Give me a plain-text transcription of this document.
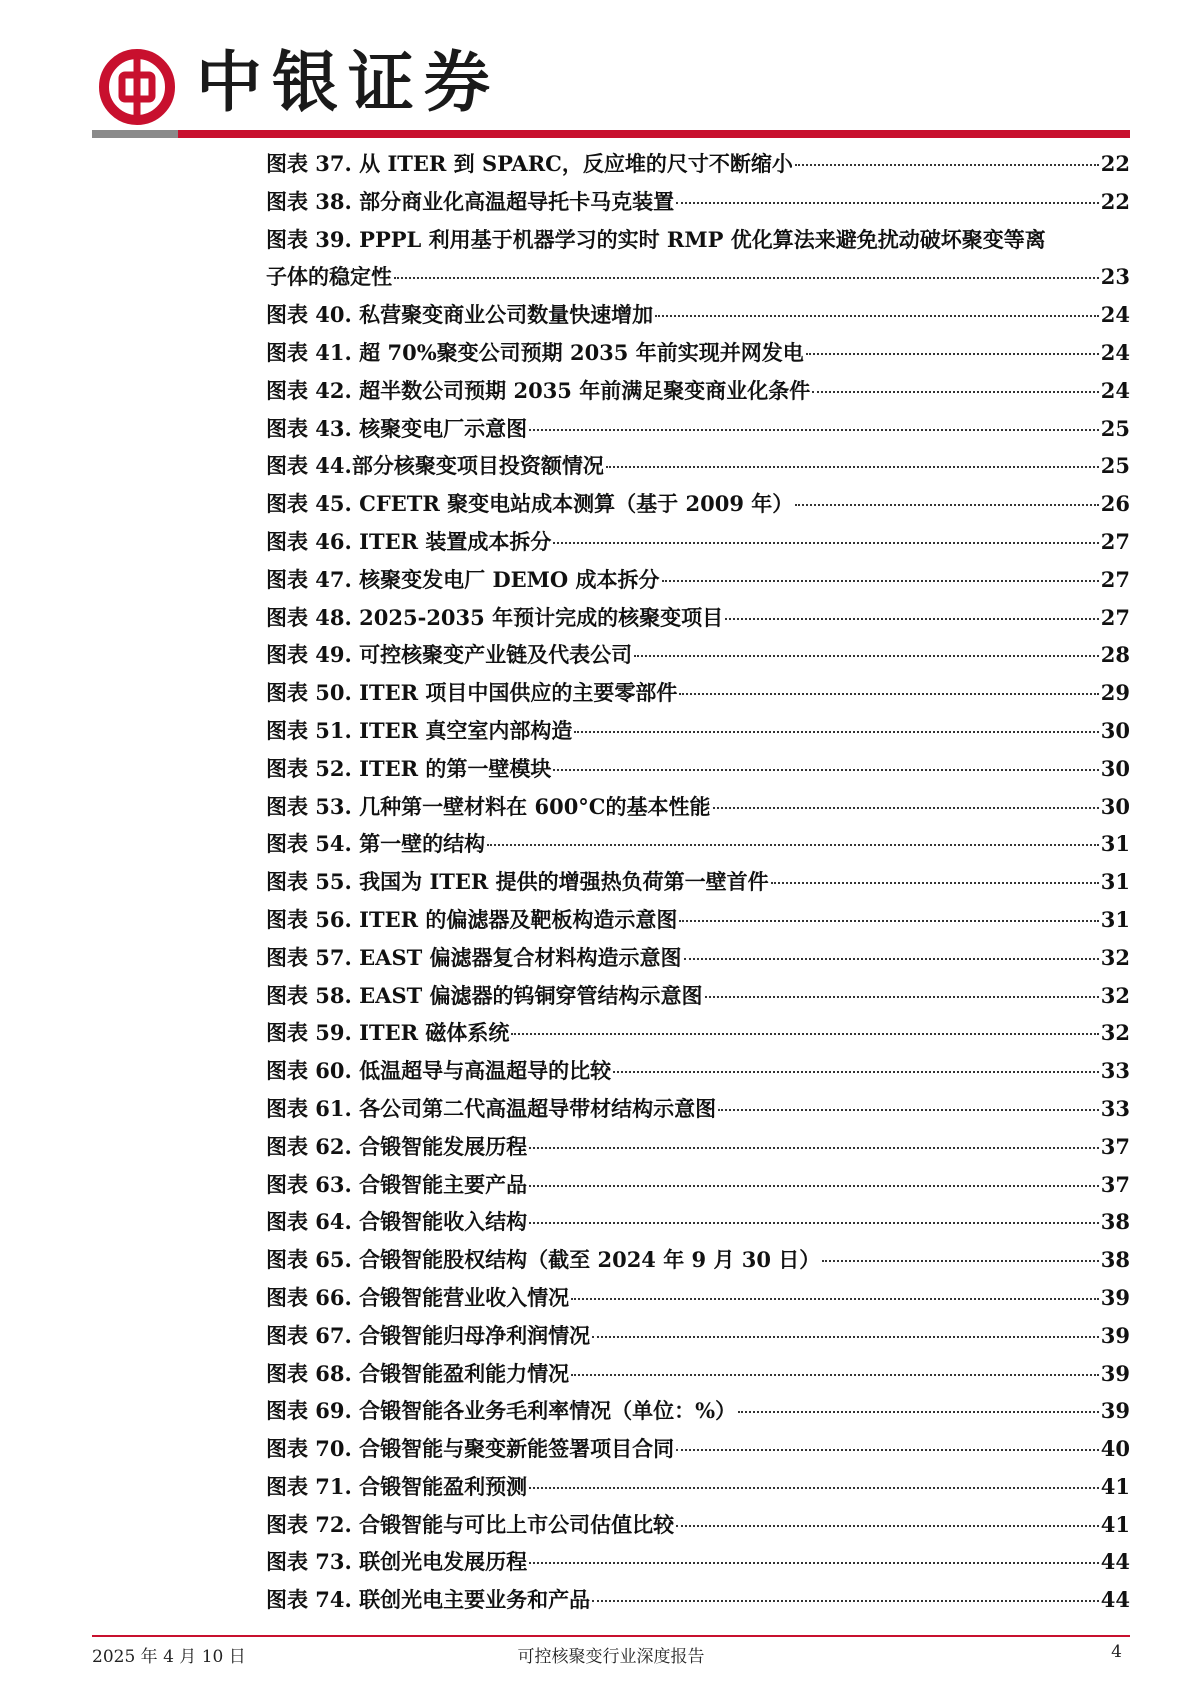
中银证券
图表 37. 从 ITER 到 SPARC，反应堆的尺寸不断缩小	22
图表 38. 部分商业化高温超导托卡马克装置	22
图表 39. PPPL 利用基于机器学习的实时 RMP 优化算法来避免扰动破坏聚变等离
子体的稳定性	23
图表 40. 私营聚变商业公司数量快速增加	24
图表 41. 超 70%聚变公司预期 2035 年前实现并网发电	24
图表 42. 超半数公司预期 2035 年前满足聚变商业化条件	24
图表 43. 核聚变电厂示意图	25
图表 44.部分核聚变项目投资额情况	25
图表 45. CFETR 聚变电站成本测算（基于 2009 年）	26
图表 46. ITER 装置成本拆分	27
图表 47. 核聚变发电厂 DEMO 成本拆分	27
图表 48. 2025-2035 年预计完成的核聚变项目	27
图表 49. 可控核聚变产业链及代表公司	28
图表 50. ITER 项目中国供应的主要零部件	29
图表 51. ITER 真空室内部构造	30
图表 52. ITER 的第一壁模块	30
图表 53. 几种第一壁材料在 600°C的基本性能	30
图表 54. 第一壁的结构	31
图表 55. 我国为 ITER 提供的增强热负荷第一壁首件	31
图表 56. ITER 的偏滤器及靶板构造示意图	31
图表 57. EAST 偏滤器复合材料构造示意图	32
图表 58. EAST 偏滤器的钨铜穿管结构示意图	32
图表 59. ITER 磁体系统	32
图表 60. 低温超导与高温超导的比较	33
图表 61. 各公司第二代高温超导带材结构示意图	33
图表 62. 合锻智能发展历程	37
图表 63. 合锻智能主要产品	37
图表 64. 合锻智能收入结构	38
图表 65. 合锻智能股权结构（截至 2024 年 9 月 30 日）	38
图表 66. 合锻智能营业收入情况	39
图表 67. 合锻智能归母净利润情况	39
图表 68. 合锻智能盈利能力情况	39
图表 69. 合锻智能各业务毛利率情况（单位：%）	39
图表 70. 合锻智能与聚变新能签署项目合同	40
图表 71. 合锻智能盈利预测	41
图表 72. 合锻智能与可比上市公司估值比较	41
图表 73. 联创光电发展历程	44
图表 74. 联创光电主要业务和产品	44
2025 年 4 月 10 日	可控核聚变行业深度报告	4
